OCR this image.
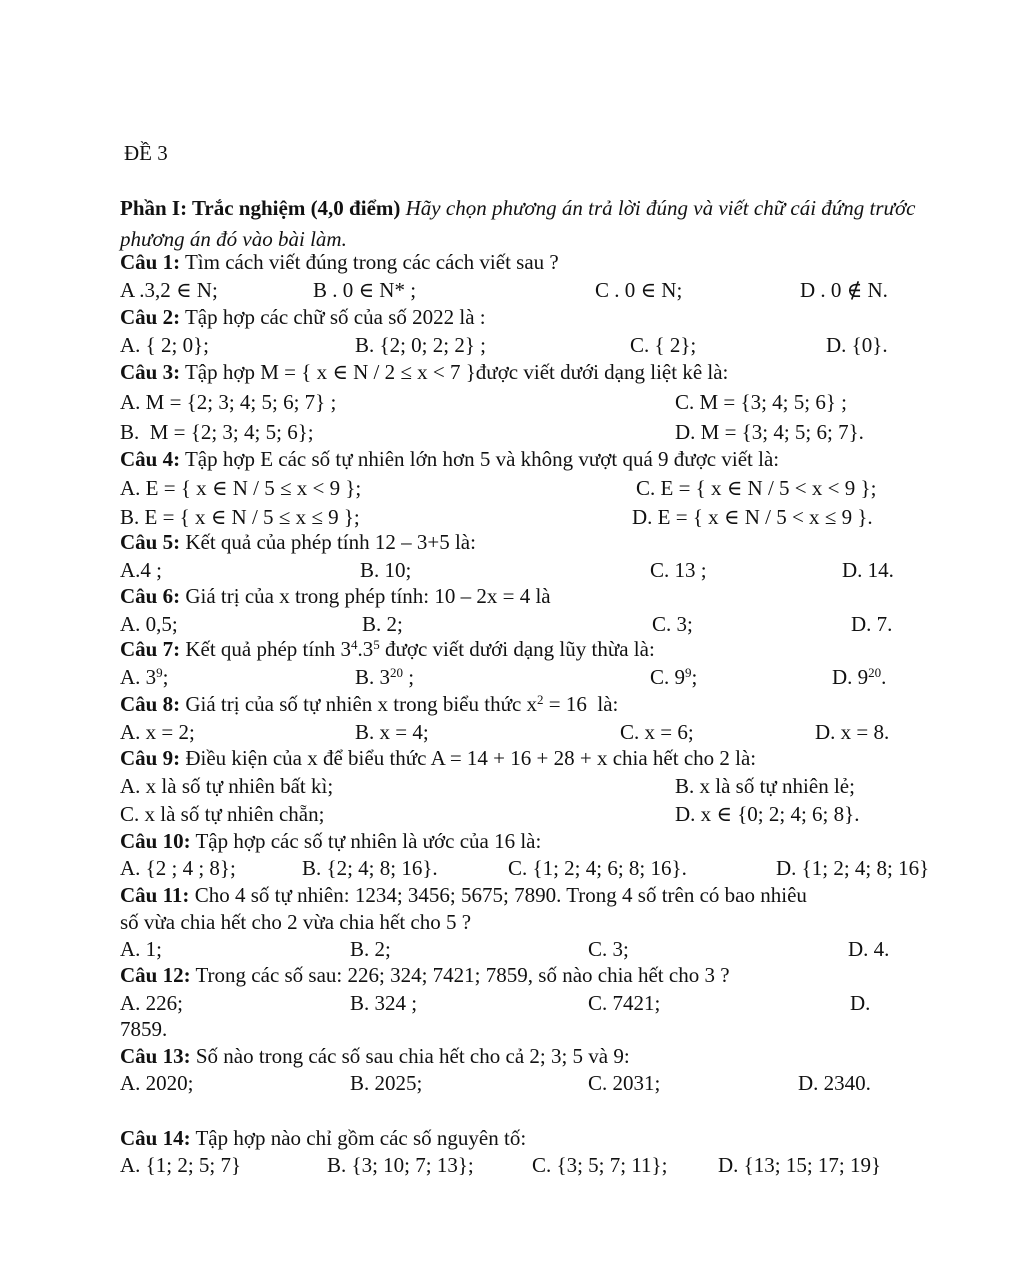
ĐỀ 3
Phần I: Trắc nghiệm (4,0 điểm) Hãy chọn phương án trả lời đúng và viết chữ cái đứng trước phương án đó vào bài làm.
Câu 1: Tìm cách viết đúng trong các cách viết sau ?
A .3,2 ∈ N;	B . 0 ∈ N* ;	C . 0 ∈ N;	D . 0 ∉ N.
Câu 2: Tập hợp các chữ số của số 2022 là :
A. { 2; 0};	B. {2; 0; 2; 2} ;	C. { 2};	D. {0}.
Câu 3: Tập hợp M = { x ∈ N / 2 ≤ x < 7 }được viết dưới dạng liệt kê là:
A. M = {2; 3; 4; 5; 6; 7} ;	C. M = {3; 4; 5; 6} ;
B.  M = {2; 3; 4; 5; 6};	D. M = {3; 4; 5; 6; 7}.
Câu 4: Tập hợp E các số tự nhiên lớn hơn 5 và không vượt quá 9 được viết là:
A. E = { x ∈ N / 5 ≤ x < 9 };	C. E = { x ∈ N / 5 < x < 9 };
B. E = { x ∈ N / 5 ≤ x ≤ 9 };	D. E = { x ∈ N / 5 < x ≤ 9 }.
Câu 5: Kết quả của phép tính 12 – 3+5 là:
A.4 ;	B. 10;	C. 13 ;	D. 14.
Câu 6: Giá trị của x trong phép tính: 10 – 2x = 4 là
A. 0,5;	B. 2;	C. 3;	D. 7.
Câu 7: Kết quả phép tính $3^4.3^5$ được viết dưới dạng lũy thừa là:
A. $3^9$;	B. $3^{20}$ ;	C. $9^9$;	D. $9^{20}$.
Câu 8: Giá trị của số tự nhiên x trong biểu thức $x^2 = 16$  là:
A. x = 2;	B. x = 4;	C. x = 6;	D. x = 8.
Câu 9: Điều kiện của x để biểu thức A = 14 + 16 + 28 + x chia hết cho 2 là:
A. x là số tự nhiên bất kì;	B. x là số tự nhiên lẻ;
C. x là số tự nhiên chẵn;	D. x ∈ {0; 2; 4; 6; 8}.
Câu 10: Tập hợp các số tự nhiên là ước của 16 là:
A. {2 ; 4 ; 8};	B. {2; 4; 8; 16}.	C. {1; 2; 4; 6; 8; 16}.	D. {1; 2; 4; 8; 16}
Câu 11: Cho 4 số tự nhiên: 1234; 3456; 5675; 7890. Trong 4 số trên có bao nhiêu
số vừa chia hết cho 2 vừa chia hết cho 5 ?
A. 1;	B. 2;	C. 3;	D. 4.
Câu 12: Trong các số sau: 226; 324; 7421; 7859, số nào chia hết cho 3 ?
A. 226;	B. 324 ;	C. 7421;	D.
7859.
Câu 13: Số nào trong các số sau chia hết cho cả 2; 3; 5 và 9:
A. 2020;	B. 2025;	C. 2031;	D. 2340.
Câu 14: Tập hợp nào chỉ gồm các số nguyên tố:
A. {1; 2; 5; 7}	B. {3; 10; 7; 13};	C. {3; 5; 7; 11}; D. {13; 15; 17; 19}
